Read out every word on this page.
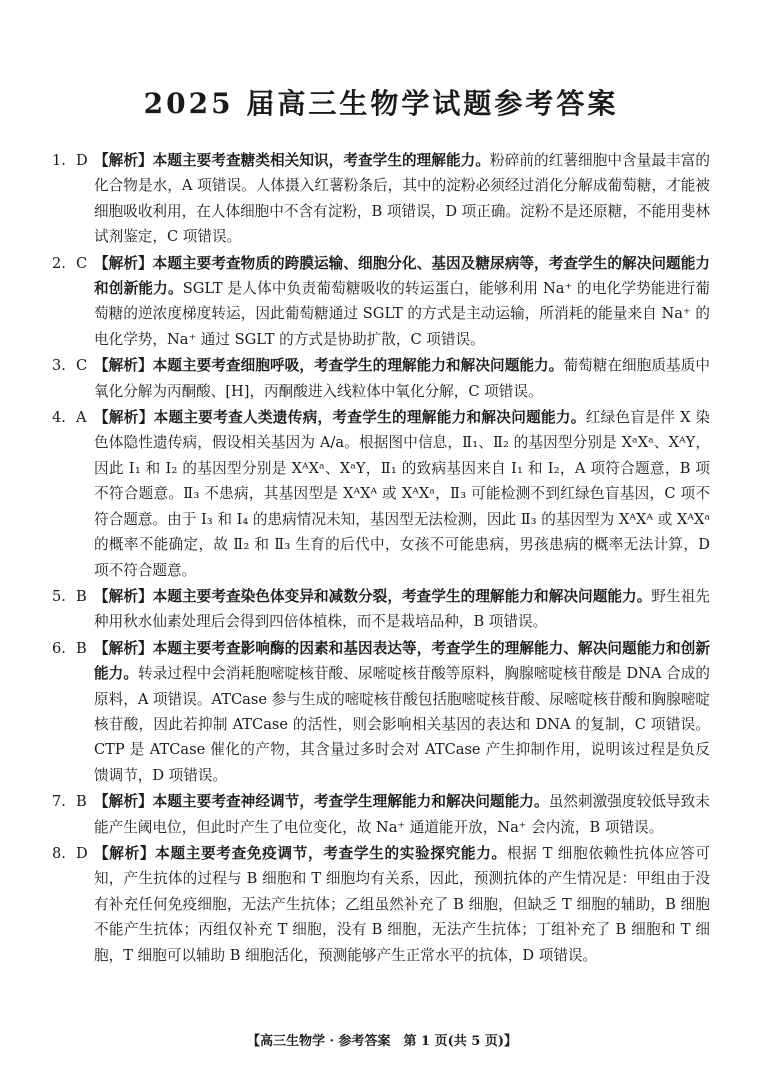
2025 届高三生物学试题参考答案
1. D 【解析】本题主要考查糖类相关知识，考查学生的理解能力。粉碎前的红薯细胞中含量最丰富的化合物是水，A 项错误。人体摄入红薯粉条后，其中的淀粉必须经过消化分解成葡萄糖，才能被细胞吸收利用，在人体细胞中不含有淀粉，B 项错误，D 项正确。淀粉不是还原糖，不能用斐林试剂鉴定，C 项错误。
2. C 【解析】本题主要考查物质的跨膜运输、细胞分化、基因及糖尿病等，考查学生的解决问题能力和创新能力。SGLT 是人体中负责葡萄糖吸收的转运蛋白，能够利用 Na⁺ 的电化学势能进行葡萄糖的逆浓度梯度转运，因此葡萄糖通过 SGLT 的方式是主动运输，所消耗的能量来自 Na⁺ 的电化学势，Na⁺ 通过 SGLT 的方式是协助扩散，C 项错误。
3. C 【解析】本题主要考查细胞呼吸，考查学生的理解能力和解决问题能力。葡萄糖在细胞质基质中氧化分解为丙酮酸、[H]，丙酮酸进入线粒体中氧化分解，C 项错误。
4. A 【解析】本题主要考查人类遗传病，考查学生的理解能力和解决问题能力。红绿色盲是伴 X 染色体隐性遗传病，假设相关基因为 A/a。根据图中信息，Ⅱ₁、Ⅱ₂ 的基因型分别是 XᵃXᵃ、XᴬY，因此 Ⅰ₁ 和 Ⅰ₂ 的基因型分别是 XᴬXᵃ、XᵃY，Ⅱ₁ 的致病基因来自 Ⅰ₁ 和 Ⅰ₂，A 项符合题意，B 项不符合题意。Ⅱ₃ 不患病，其基因型是 XᴬXᴬ 或 XᴬXᵃ，Ⅱ₃ 可能检测不到红绿色盲基因，C 项不符合题意。由于 Ⅰ₃ 和 Ⅰ₄ 的患病情况未知，基因型无法检测，因此 Ⅱ₃ 的基因型为 XᴬXᴬ 或 XᴬXᵃ 的概率不能确定，故 Ⅱ₂ 和 Ⅱ₃ 生育的后代中，女孩不可能患病，男孩患病的概率无法计算，D 项不符合题意。
5. B 【解析】本题主要考查染色体变异和减数分裂，考查学生的理解能力和解决问题能力。野生祖先种用秋水仙素处理后会得到四倍体植株，而不是栽培品种，B 项错误。
6. B 【解析】本题主要考查影响酶的因素和基因表达等，考查学生的理解能力、解决问题能力和创新能力。转录过程中会消耗胞嘧啶核苷酸、尿嘧啶核苷酸等原料，胸腺嘧啶核苷酸是 DNA 合成的原料，A 项错误。ATCase 参与生成的嘧啶核苷酸包括胞嘧啶核苷酸、尿嘧啶核苷酸和胸腺嘧啶核苷酸，因此若抑制 ATCase 的活性，则会影响相关基因的表达和 DNA 的复制，C 项错误。CTP 是 ATCase 催化的产物，其含量过多时会对 ATCase 产生抑制作用，说明该过程是负反馈调节，D 项错误。
7. B 【解析】本题主要考查神经调节，考查学生理解能力和解决问题能力。虽然刺激强度较低导致未能产生阈电位，但此时产生了电位变化，故 Na⁺ 通道能开放，Na⁺ 会内流，B 项错误。
8. D 【解析】本题主要考查免疫调节，考查学生的实验探究能力。根据 T 细胞依赖性抗体应答可知，产生抗体的过程与 B 细胞和 T 细胞均有关系，因此，预测抗体的产生情况是：甲组由于没有补充任何免疫细胞，无法产生抗体；乙组虽然补充了 B 细胞，但缺乏 T 细胞的辅助，B 细胞不能产生抗体；丙组仅补充 T 细胞，没有 B 细胞，无法产生抗体；丁组补充了 B 细胞和 T 细胞，T 细胞可以辅助 B 细胞活化，预测能够产生正常水平的抗体，D 项错误。
【高三生物学 · 参考答案　第 1 页(共 5 页)】
